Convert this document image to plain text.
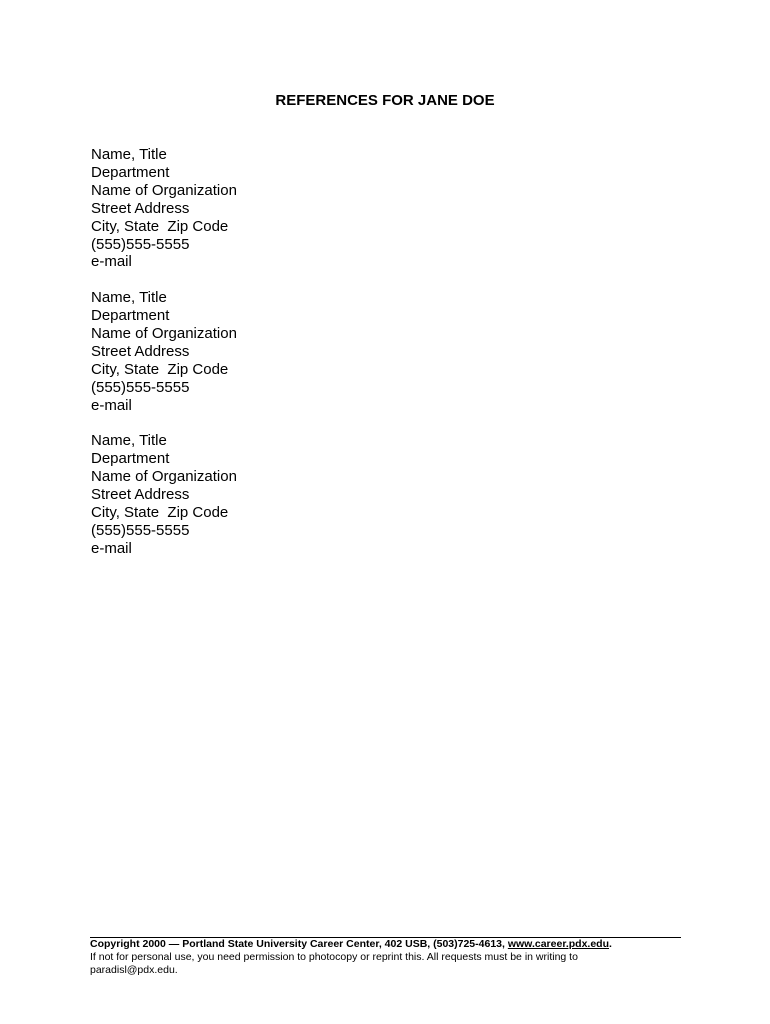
REFERENCES FOR JANE DOE
Name, Title
Department
Name of Organization
Street Address
City, State  Zip Code
(555)555-5555
e-mail
Name, Title
Department
Name of Organization
Street Address
City, State  Zip Code
(555)555-5555
e-mail
Name, Title
Department
Name of Organization
Street Address
City, State  Zip Code
(555)555-5555
e-mail
Copyright 2000 — Portland State University Career Center, 402 USB, (503)725-4613, www.career.pdx.edu.
If not for personal use, you need permission to photocopy or reprint this. All requests must be in writing to
paradisl@pdx.edu.
